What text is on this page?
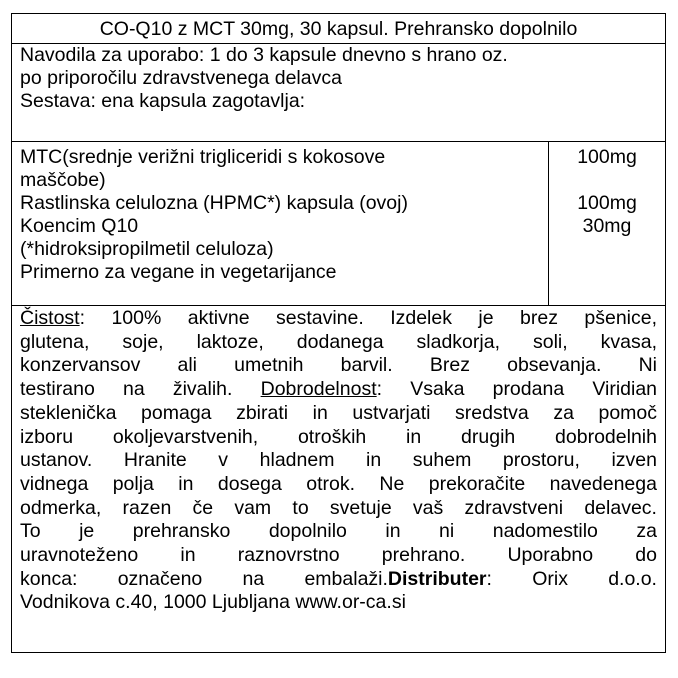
CO-Q10 z MCT 30mg, 30 kapsul. Prehransko dopolnilo
Navodila za uporabo: 1 do 3 kapsule dnevno s hrano oz.
po priporočilu zdravstvenega delavca
Sestava: ena kapsula zagotavlja:
MTC(srednje verižni trigliceridi s kokosove
maščobe)
Rastlinska celulozna (HPMC*) kapsula (ovoj)
Koencim Q10
(*hidroksipropilmetil celuloza)
Primerno za vegane in vegetarijance
100mg
100mg
30mg
Čistost: 100% aktivne sestavine. Izdelek je brez pšenice,
glutena, soje, laktoze, dodanega sladkorja, soli, kvasa,
konzervansov ali umetnih barvil. Brez obsevanja. Ni
testirano na živalih. Dobrodelnost: Vsaka prodana Viridian
steklenička pomaga zbirati in ustvarjati sredstva za pomoč
izboru okoljevarstvenih, otroških in drugih dobrodelnih
ustanov. Hranite v hladnem in suhem prostoru, izven
vidnega polja in dosega otrok. Ne prekoračite navedenega
odmerka, razen če vam to svetuje vaš zdravstveni delavec.
To je prehransko dopolnilo in ni nadomestilo za
uravnoteženo in raznovrstno prehrano. Uporabno do
konca: označeno na embalaži.Distributer: Orix d.o.o.
Vodnikova c.40, 1000 Ljubljana www.or-ca.si
